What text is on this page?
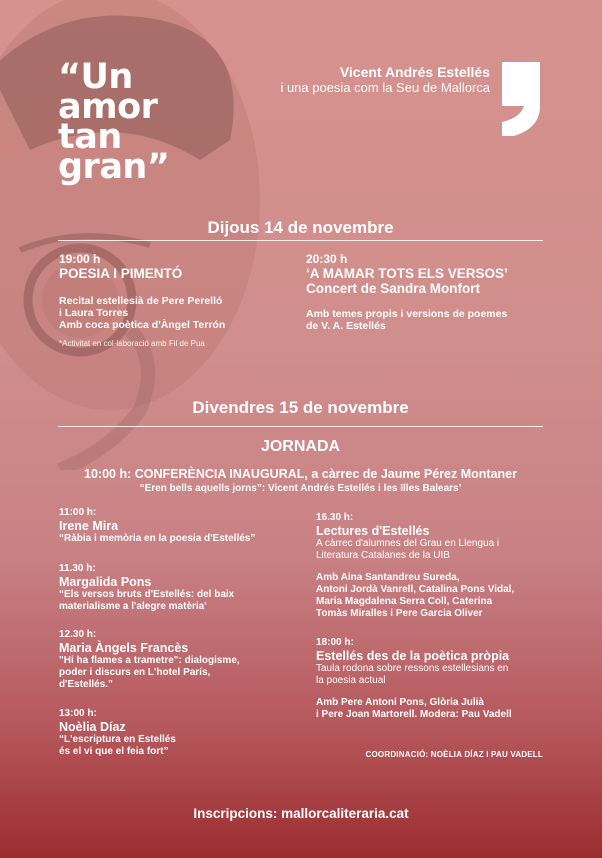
“Un
amor
tan
gran”
Vicent Andrés Estellés
i una poesia com la Seu de Mallorca
Dijous 14 de novembre
19:00 h
POESIA I PIMENTÓ
Recital estellesià de Pere Perelló
i Laura Torres
Amb coca poètica d'Àngel Terrón
*Activitat en col·laboració amb Fil de Pua
20:30 h
‘A MAMAR TOTS ELS VERSOS’
Concert de Sandra Monfort
Amb temes propis i versions de poemes
de V. A. Estellés
Divendres 15 de novembre
JORNADA
10:00 h: CONFERÈNCIA INAUGURAL, a càrrec de Jaume Pérez Montaner
“Eren bells aquells jorns”: Vicent Andrés Estellés i les Illes Balears’
11:00 h:
Irene Mira
“Ràbia i memòria en la poesia d'Estellés”
11.30 h:
Margalida Pons
“Els versos bruts d'Estellés: del baix
materialisme a l'alegre matèria'
12.30 h:
Maria Àngels Francès
"Hi ha flames a trametre": dialogisme,
poder i discurs en L'hotel París,
d'Estellés."
13:00 h:
Noèlia Díaz
“L'escriptura en Estellés
és el vi que el feia fort”
16.30 h:
Lectures d'Estellés
A càrrec d'alumnes del Grau en Llengua i
Literatura Catalanes de la UIB
Amb Aina Santandreu Sureda,
Antoni Jordà Vanrell, Catalina Pons Vidal,
Maria Magdalena Serra Coll, Caterina
Tomàs Miralles i Pere Garcia Oliver
18:00 h:
Estellés des de la poètica pròpia
Taula rodona sobre ressons estellesians en
la poesia actual
Amb Pere Antoni Pons, Glòria Julià
i Pere Joan Martorell. Modera: Pau Vadell
COORDINACIÓ: NOÈLIA DÍAZ I PAU VADELL
Inscripcions: mallorcaliteraria.cat
